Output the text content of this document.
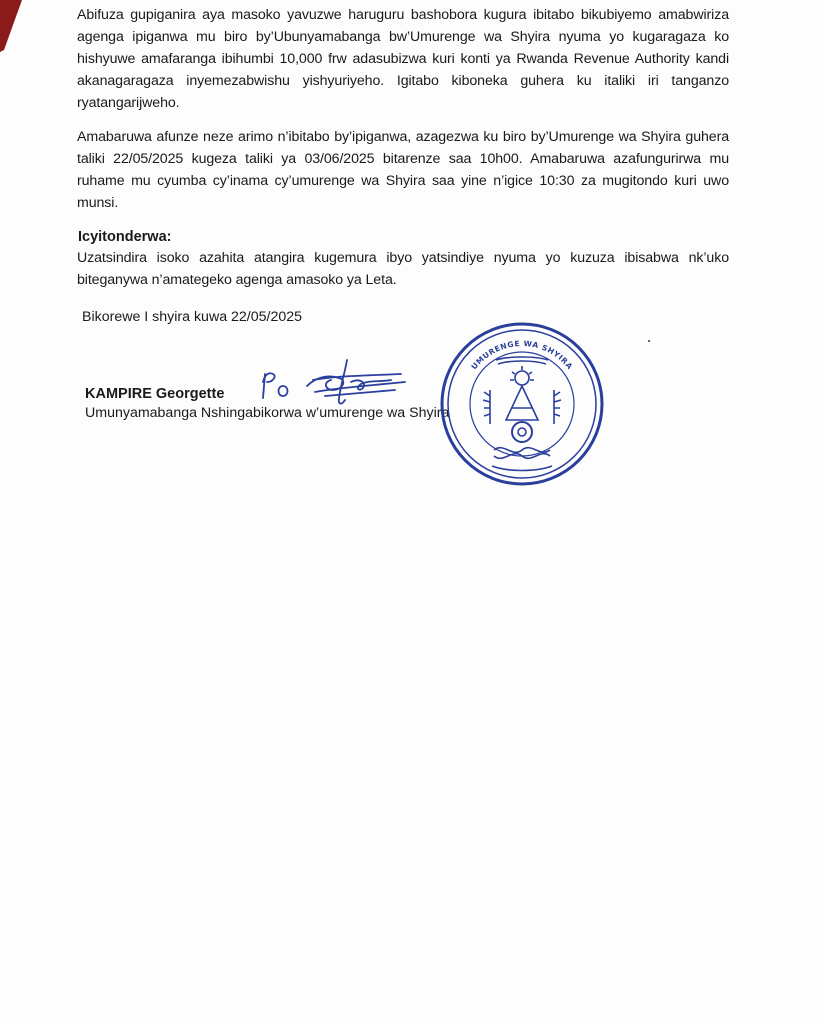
Abifuza gupiganira aya masoko yavuzwe haruguru bashobora kugura ibitabo bikubiyemo amabwiriza agenga ipiganwa mu biro by’Ubunyamabanga bw’Umurenge wa Shyira nyuma yo kugaragaza ko hishyuwe amafaranga ibihumbi 10,000 frw adasubizwa kuri konti ya Rwanda Revenue Authority kandi akanagaragaza inyemezabwishu yishyuriyeho. Igitabo kiboneka guhera ku italiki iri tanganzo ryatangarijweho.
Amabaruwa afunze neze arimo n’ibitabo by’ipiganwa, azagezwa ku biro by’Umurenge wa Shyira guhera taliki 22/05/2025 kugeza taliki ya 03/06/2025 bitarenze saa 10h00. Amabaruwa azafungurirwa mu ruhame mu cyumba cy’inama cy’umurenge wa Shyira saa yine n’igice 10:30 za mugitondo kuri uwo munsi.
Icyitonderwa:
Uzatsindira isoko azahita atangira kugemura ibyo yatsindiye nyuma yo kuzuza ibisabwa nk’uko biteganywa n’amategeko agenga amasoko ya Leta.
Bikorewe I shyira kuwa 22/05/2025
KAMPIRE Georgette
Umunyamabanga Nshingabikorwa w’umurenge wa Shyira
UMURENGE WA SHYIRA
